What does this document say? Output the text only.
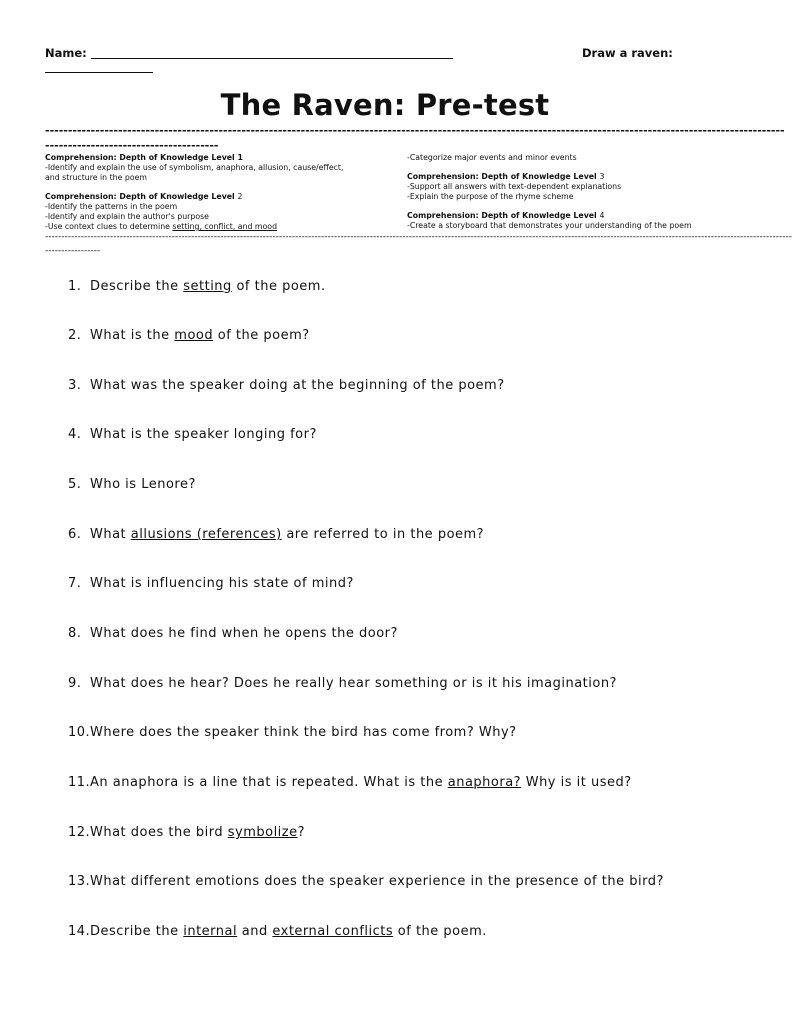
Name:	Draw a raven:
The Raven: Pre-test
------------------------------------------------------------------------------------------------------------------------------------------------------------------
--------------------------------------
Comprehension: Depth of Knowledge Level 1
-Identify and explain the use of symbolism, anaphora, allusion, cause/effect,
and structure in the poem
Comprehension: Depth of Knowledge Level 2
-Identify the patterns in the poem
-Identify and explain the author's purpose
-Use context clues to determine setting, conflict, and mood
-Categorize major events and minor events
Comprehension: Depth of Knowledge Level 3
-Support all answers with text-dependent explanations
-Explain the purpose of the rhyme scheme
Comprehension: Depth of Knowledge Level 4
-Create a storyboard that demonstrates your understanding of the poem
--------------------------------------------------------------------------------------------------------------------------------------------------------------------------------------------------------------------------------------
-----------------
1. Describe the setting of the poem.
2. What is the mood of the poem?
3. What was the speaker doing at the beginning of the poem?
4. What is the speaker longing for?
5. Who is Lenore?
6. What allusions (references) are referred to in the poem?
7. What is influencing his state of mind?
8. What does he find when he opens the door?
9. What does he hear? Does he really hear something or is it his imagination?
10.Where does the speaker think the bird has come from? Why?
11.An anaphora is a line that is repeated. What is the anaphora? Why is it used?
12.What does the bird symbolize?
13.What different emotions does the speaker experience in the presence of the bird?
14.Describe the internal and external conflicts of the poem.
